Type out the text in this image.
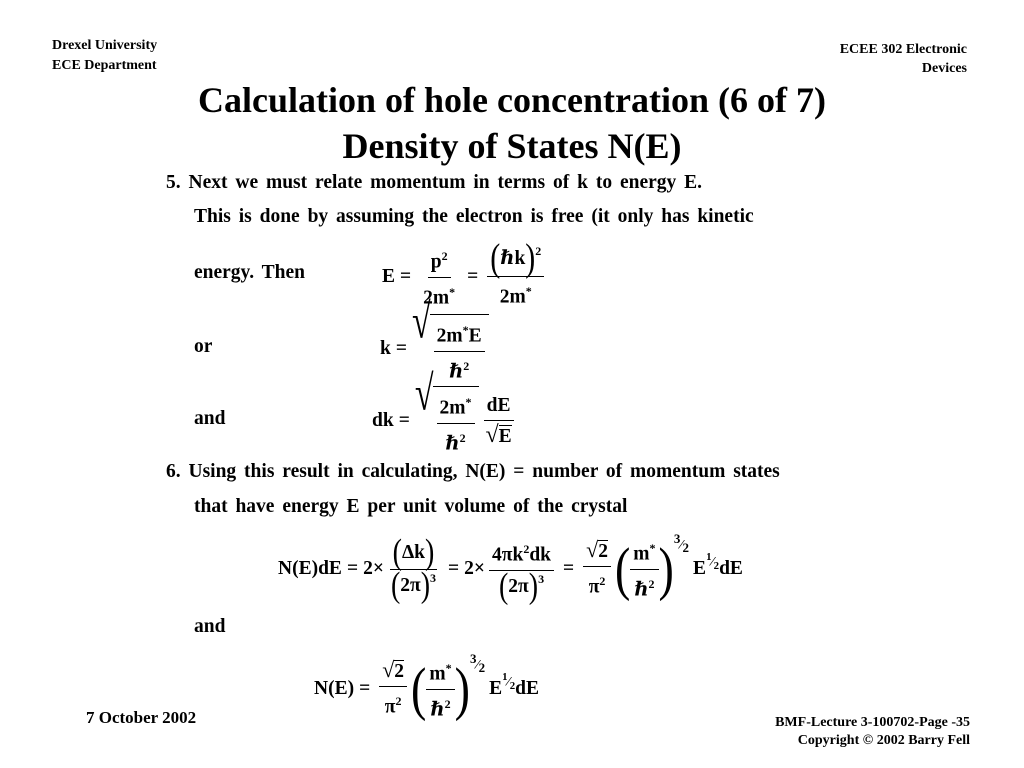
Drexel University
ECE Department
ECEE 302 Electronic
Devices
Calculation of hole concentration (6 of 7)
Density of States N(E)
5. Next we must relate momentum in terms of k to energy E.
This is done by assuming the electron is free (it only has kinetic
energy. Then	$E = \frac{p^2}{2m^*} = \frac{\text{( ℏk ) 2}}{2m^*}$
or	k = √ $\frac{2m^*E}{\hbar^2}$
and	dk = √ $\frac{2m^*}{\hbar^2} \frac{dE}{√E}$
6. Using this result in calculating, N(E) = number of momentum states
that have energy E per unit volume of the crystal
$N(E)dE = 2\times \frac{( \Delta k )}{( 2\pi ) 3} = 2\times \frac{4\pi k^2dk}{( 2\pi ) 3} = \frac{√2}{\pi^2}$ ( $\frac{m^*}{\hbar^2}$ ) $^3⁄_2$
E
$^1⁄_2$ dE
and
$N(E) = \frac{√2}{\pi^2}$ ( $\frac{m^*}{\hbar^2}$ ) $^3⁄_2$
E
$^1⁄_2$ dE
7 October 2002	BMF-Lecture 3-100702-Page -35
Copyright © 2002 Barry Fell
